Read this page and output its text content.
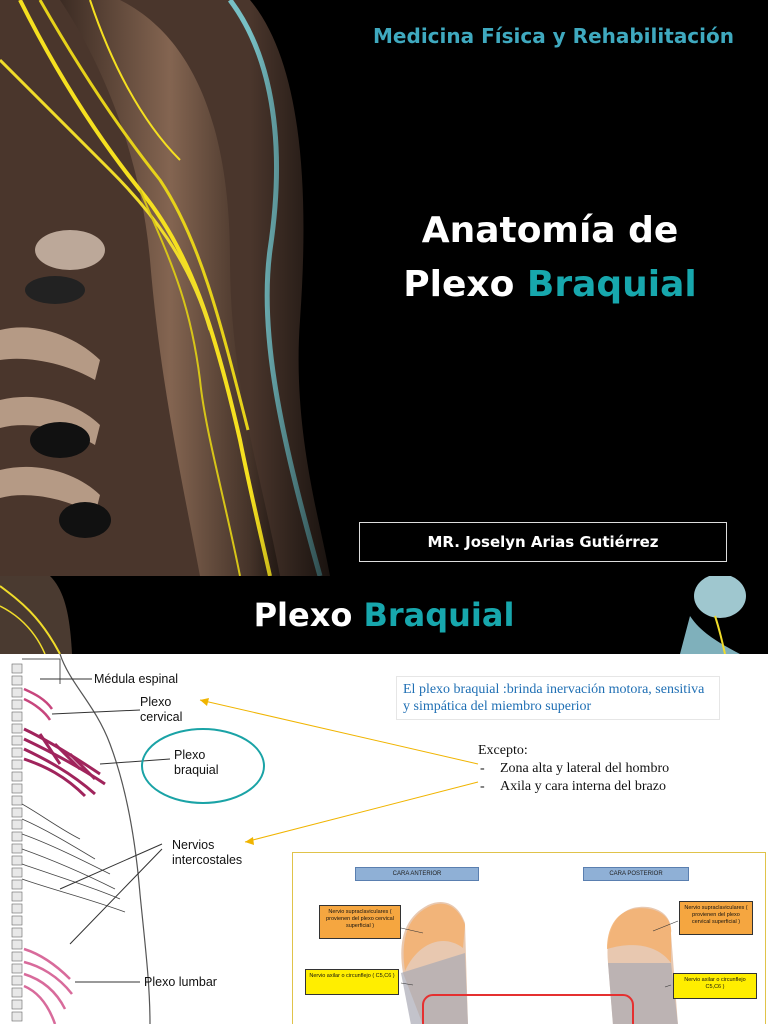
Medicina Física y Rehabilitación
Anatomía de
Plexo Braquial
MR. Joselyn Arias Gutiérrez
Plexo Braquial
Médula espinal
Plexo cervical
Plexo braquial
Nervios intercostales
Plexo lumbar
El plexo braquial :brinda inervación motora, sensitiva y simpática del miembro superior
Excepto:
- Zona alta y lateral del hombro
- Axila y cara interna del brazo
CARA ANTERIOR	CARA POSTERIOR
Nervio supraclaviculares ( provienen del plexo cervical superficial )
Nervio axilar o circunflejo ( C5,C6 )
Nervio supraclaviculares ( provienen del plexo cervical superficial )
Nervio axilar o circunflejo C5,C6 )
